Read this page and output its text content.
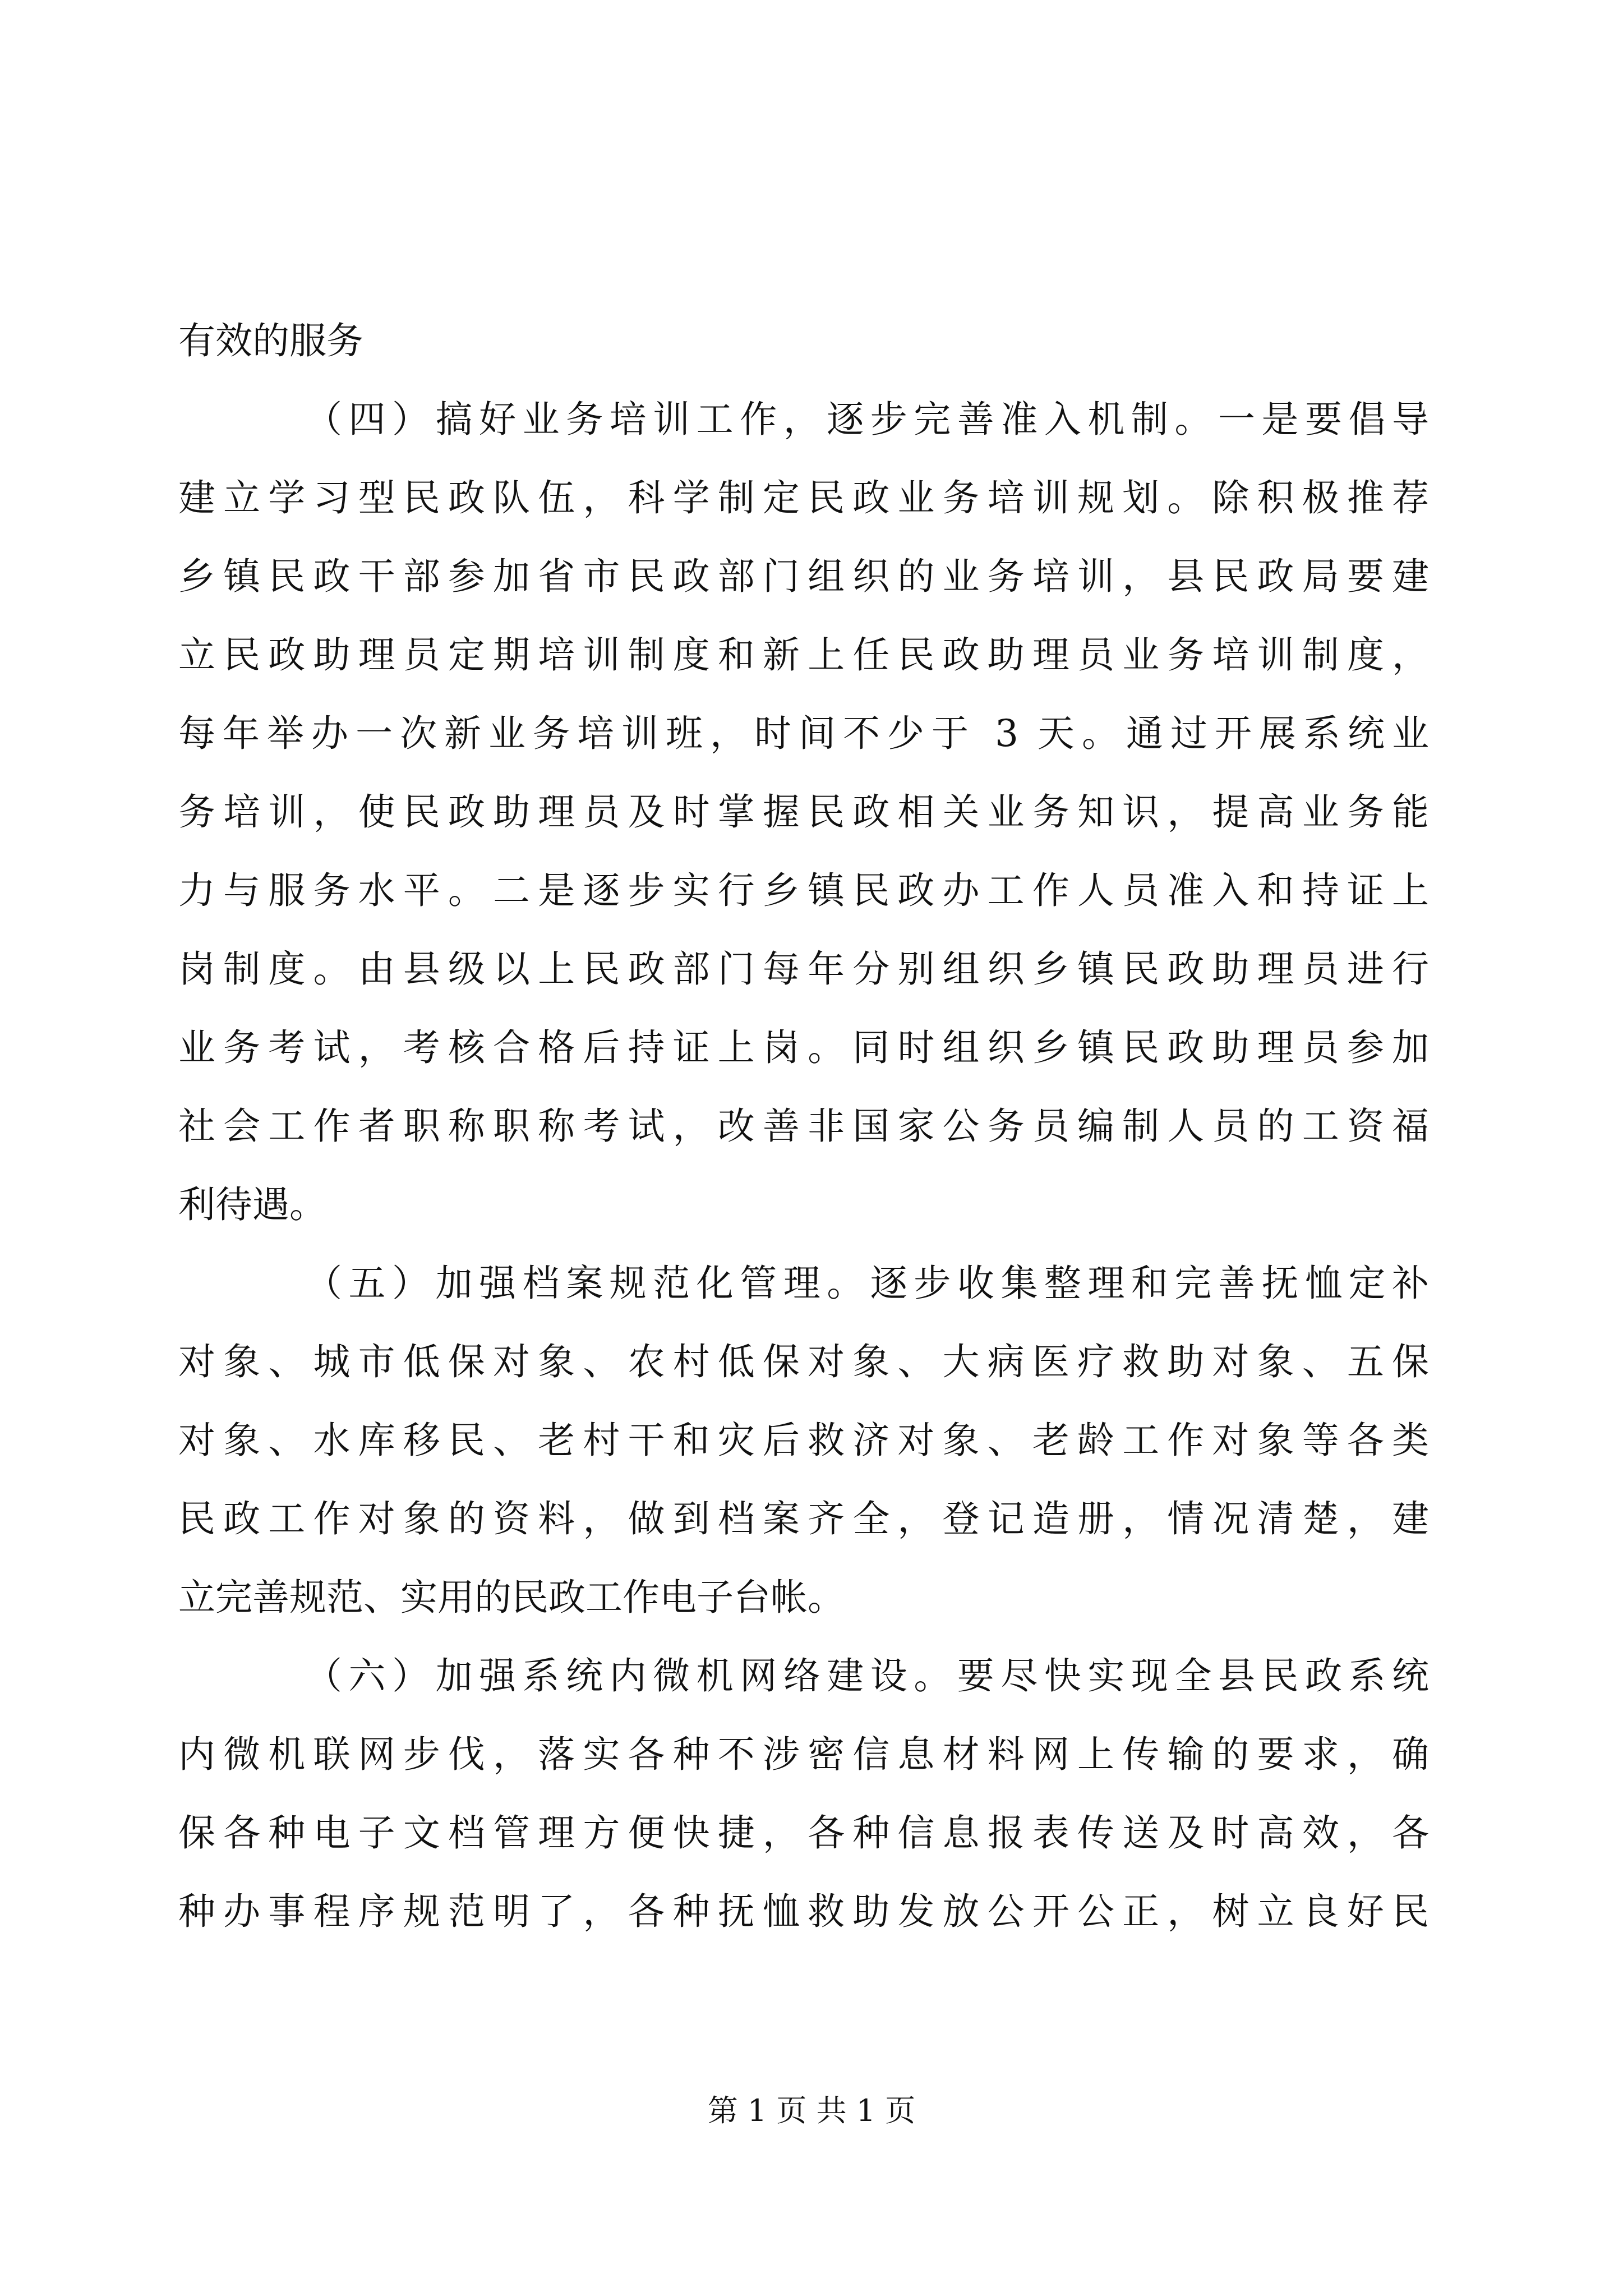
有效的服务
（四）搞好业务培训工作，逐步完善准入机制。一是要倡导
建立学习型民政队伍，科学制定民政业务培训规划。除积极推荐
乡镇民政干部参加省市民政部门组织的业务培训，县民政局要建
立民政助理员定期培训制度和新上任民政助理员业务培训制度，
每年举办一次新业务培训班，时间不少于 3 天。通过开展系统业
务培训，使民政助理员及时掌握民政相关业务知识，提高业务能
力与服务水平。二是逐步实行乡镇民政办工作人员准入和持证上
岗制度。由县级以上民政部门每年分别组织乡镇民政助理员进行
业务考试，考核合格后持证上岗。同时组织乡镇民政助理员参加
社会工作者职称职称考试，改善非国家公务员编制人员的工资福
利待遇。
（五）加强档案规范化管理。逐步收集整理和完善抚恤定补
对象、城市低保对象、农村低保对象、大病医疗救助对象、五保
对象、水库移民、老村干和灾后救济对象、老龄工作对象等各类
民政工作对象的资料，做到档案齐全，登记造册，情况清楚，建
立完善规范、实用的民政工作电子台帐。
（六）加强系统内微机网络建设。要尽快实现全县民政系统
内微机联网步伐，落实各种不涉密信息材料网上传输的要求，确
保各种电子文档管理方便快捷，各种信息报表传送及时高效，各
种办事程序规范明了，各种抚恤救助发放公开公正，树立良好民
第 1 页 共 1 页
